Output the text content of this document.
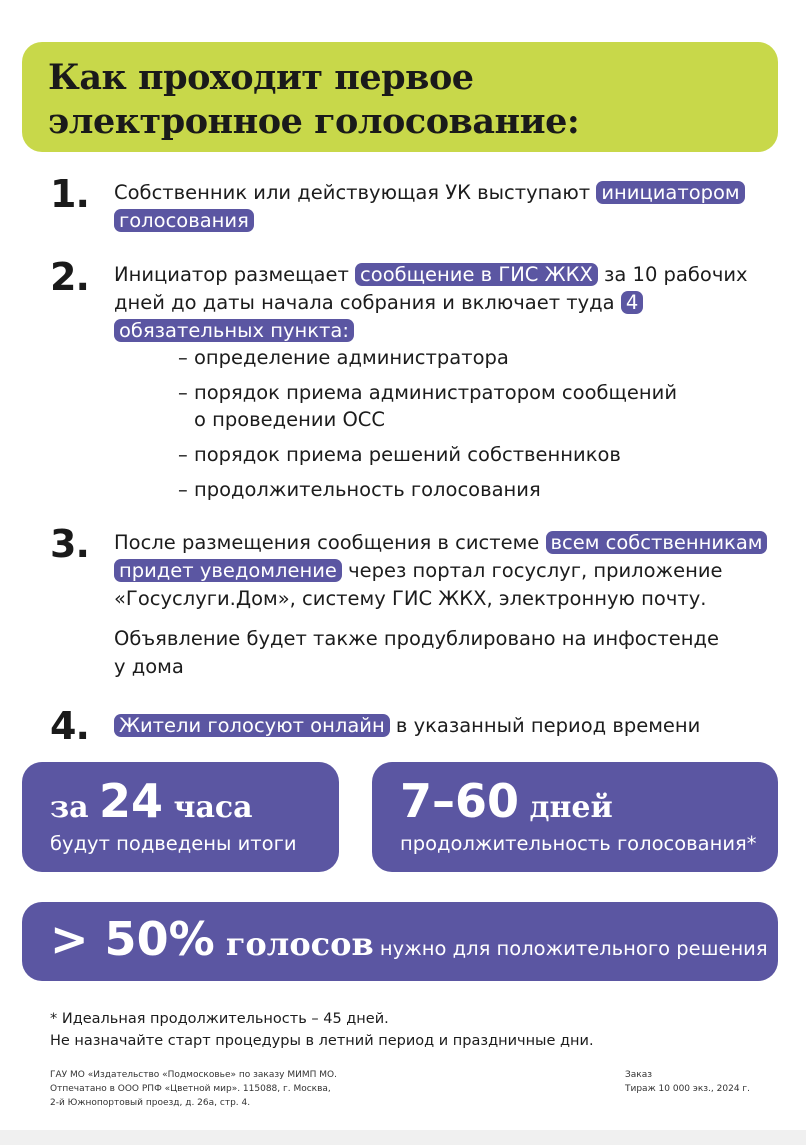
Как проходит первое
электронное голосование:
1. Собственник или действующая УК выступают инициатором голосования
2. Инициатор размещает сообщение в ГИС ЖКХ за 10 рабочих дней до даты начала собрания и включает туда 4 обязательных пункта:
– определение администратора
– порядок приема администратором сообщений
о проведении ОСС
– порядок приема решений собственников
– продолжительность голосования
3. После размещения сообщения в системе всем собственникам придет уведомление через портал госуслуг, приложение «Госуслуги.Дом», систему ГИС ЖКХ, электронную почту.
Объявление будет также продублировано на инфостенде у дома
4. Жители голосуют онлайн в указанный период времени
за 24 часа
будут подведены итоги
7–60 дней
продолжительность голосования*
> 50% голосов нужно для положительного решения
* Идеальная продолжительность – 45 дней.
Не назначайте старт процедуры в летний период и праздничные дни.
ГАУ МО «Издательство «Подмосковье» по заказу МИМП МО.
Отпечатано в ООО РПФ «Цветной мир». 115088, г. Москва,
2-й Южнопортовый проезд, д. 26а, стр. 4.
Заказ
Тираж 10 000 экз., 2024 г.
